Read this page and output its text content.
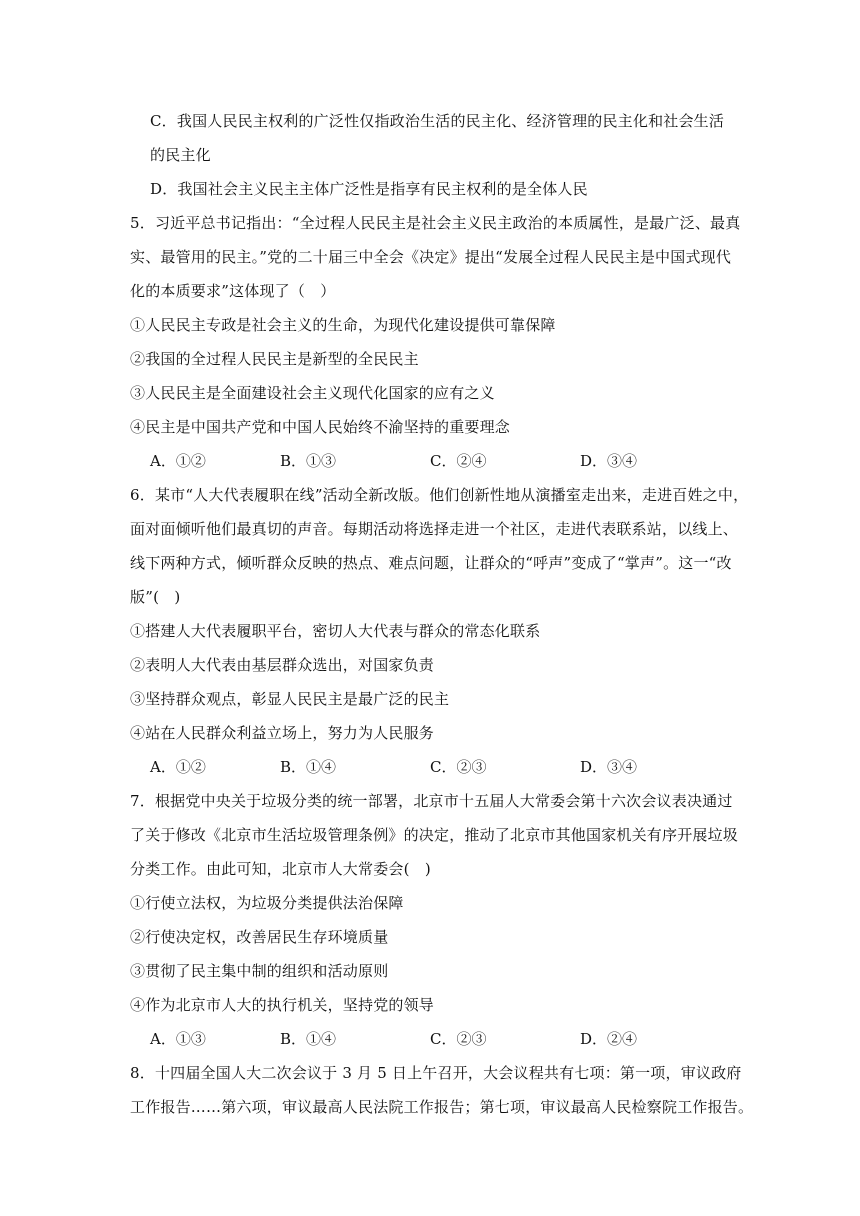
C．我国人民民主权利的广泛性仅指政治生活的民主化、经济管理的民主化和社会生活
的民主化
D．我国社会主义民主主体广泛性是指享有民主权利的是全体人民
5．习近平总书记指出：“全过程人民民主是社会主义民主政治的本质属性，是最广泛、最真
实、最管用的民主。”党的二十届三中全会《决定》提出“发展全过程人民民主是中国式现代
化的本质要求”这体现了（　）
①人民民主专政是社会主义的生命，为现代化建设提供可靠保障
②我国的全过程人民民主是新型的全民民主
③人民民主是全面建设社会主义现代化国家的应有之义
④民主是中国共产党和中国人民始终不渝坚持的重要理念
A．①②	B．①③	C．②④	D．③④
6．某市“人大代表履职在线”活动全新改版。他们创新性地从演播室走出来，走进百姓之中，
面对面倾听他们最真切的声音。每期活动将选择走进一个社区，走进代表联系站，以线上、
线下两种方式，倾听群众反映的热点、难点问题，让群众的“呼声”变成了“掌声”。这一“改
版”(　)
①搭建人大代表履职平台，密切人大代表与群众的常态化联系
②表明人大代表由基层群众选出，对国家负责
③坚持群众观点，彰显人民民主是最广泛的民主
④站在人民群众利益立场上，努力为人民服务
A．①②	B．①④	C．②③	D．③④
7．根据党中央关于垃圾分类的统一部署，北京市十五届人大常委会第十六次会议表决通过
了关于修改《北京市生活垃圾管理条例》的决定，推动了北京市其他国家机关有序开展垃圾
分类工作。由此可知，北京市人大常委会(　)
①行使立法权，为垃圾分类提供法治保障
②行使决定权，改善居民生存环境质量
③贯彻了民主集中制的组织和活动原则
④作为北京市人大的执行机关，坚持党的领导
A．①③	B．①④	C．②③	D．②④
8．十四届全国人大二次会议于 3 月 5 日上午召开，大会议程共有七项：第一项，审议政府
工作报告……第六项，审议最高人民法院工作报告；第七项，审议最高人民检察院工作报告。
